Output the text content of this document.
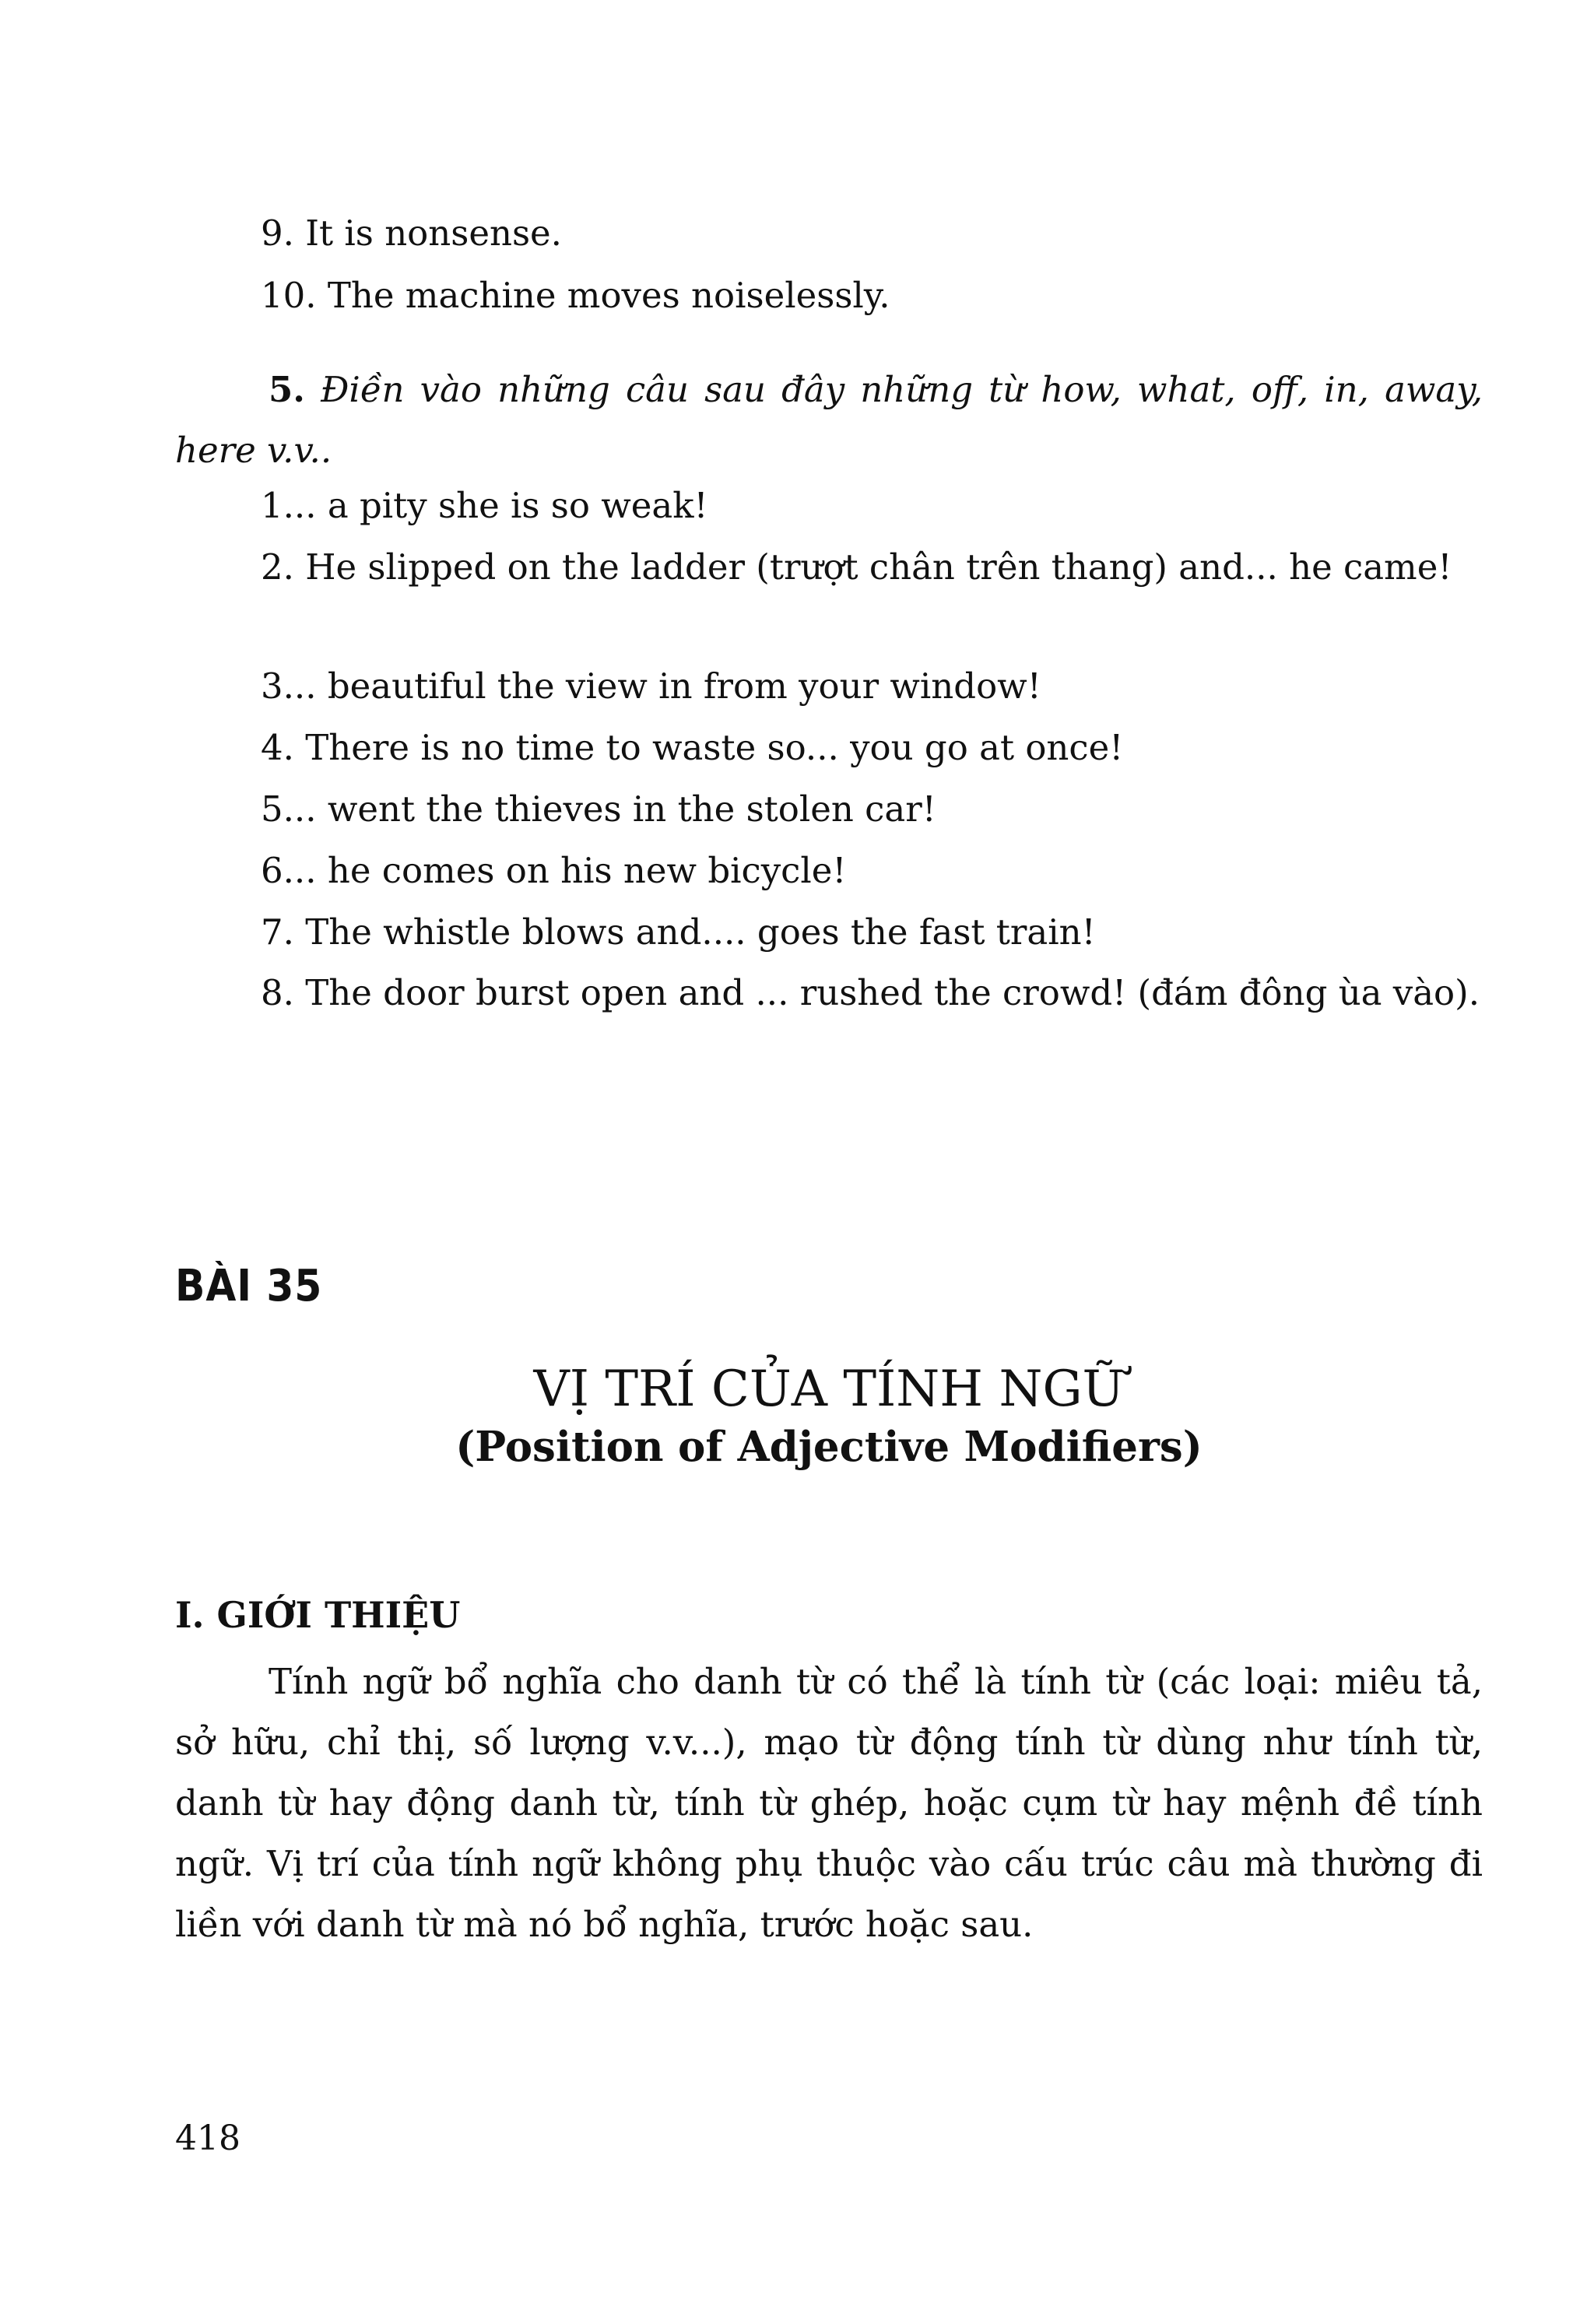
9. It is nonsense.

10. The machine moves noiselessly.

5. Điền vào những câu sau đây những từ how, what, off, in, away, here v.v..

1... a pity she is so weak!

2. He slipped on the ladder (trượt chân trên thang) and... he came!

3... beautiful the view in from your window!

4. There is no time to waste so... you go at once!

5... went the thieves in the stolen car!

6... he comes on his new bicycle!

7. The whistle blows and.... goes the fast train!

8. The door burst open and ... rushed the crowd! (đám đông ùa vào).

BÀI 35

VỊ TRÍ CỦA TÍNH NGỮ

(Position of Adjective Modifiers)

I. GIỚI THIỆU

Tính ngữ bổ nghĩa cho danh từ có thể là tính từ (các loại: miêu tả, sở hữu, chỉ thị, số lượng v.v...), mạo từ động tính từ dùng như tính từ, danh từ hay động danh từ, tính từ ghép, hoặc cụm từ hay mệnh đề tính ngữ. Vị trí của tính ngữ không phụ thuộc vào cấu trúc câu mà thường đi liền với danh từ mà nó bổ nghĩa, trước hoặc sau.

418
